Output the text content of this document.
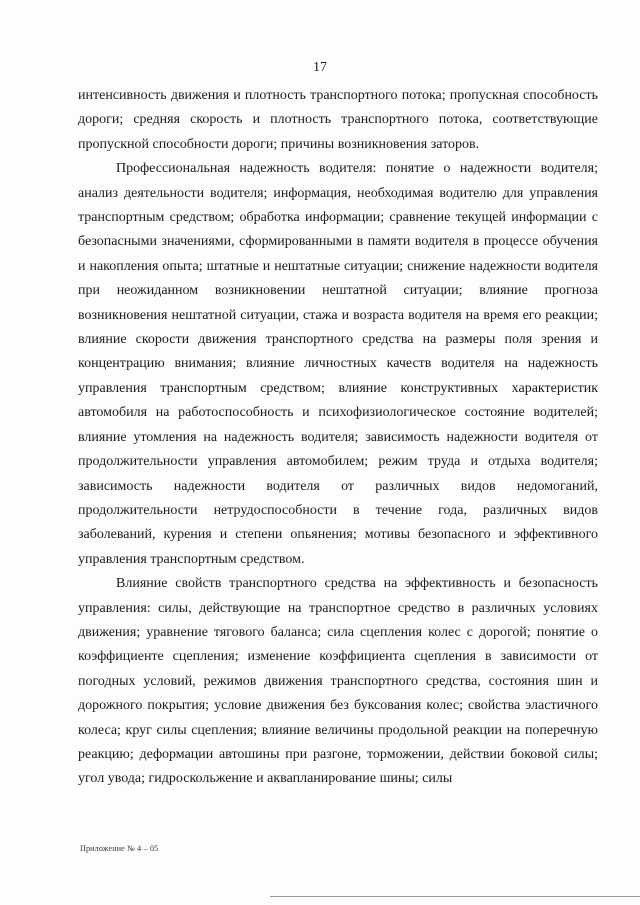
17

интенсивность движения и плотность транспортного потока; пропускная способность дороги; средняя скорость и плотность транспортного потока, соответствующие пропускной способности дороги; причины возникновения заторов.

Профессиональная надежность водителя: понятие о надежности водителя; анализ деятельности водителя; информация, необходимая водителю для управления транспортным средством; обработка информации; сравнение текущей информации с безопасными значениями, сформированными в памяти водителя в процессе обучения и накопления опыта; штатные и нештатные ситуации; снижение надежности водителя при неожиданном возникновении нештатной ситуации; влияние прогноза возникновения нештатной ситуации, стажа и возраста водителя на время его реакции; влияние скорости движения транспортного средства на размеры поля зрения и концентрацию внимания; влияние личностных качеств водителя на надежность управления транспортным средством; влияние конструктивных характеристик автомобиля на работоспособность и психофизиологическое состояние водителей; влияние утомления на надежность водителя; зависимость надежности водителя от продолжительности управления автомобилем; режим труда и отдыха водителя; зависимость надежности водителя от различных видов недомоганий, продолжительности нетрудоспособности в течение года, различных видов заболеваний, курения и степени опьянения; мотивы безопасного и эффективного управления транспортным средством.

Влияние свойств транспортного средства на эффективность и безопасность управления: силы, действующие на транспортное средство в различных условиях движения; уравнение тягового баланса; сила сцепления колес с дорогой; понятие о коэффициенте сцепления; изменение коэффициента сцепления в зависимости от погодных условий, режимов движения транспортного средства, состояния шин и дорожного покрытия; условие движения без буксования колес; свойства эластичного колеса; круг силы сцепления; влияние величины продольной реакции на поперечную реакцию; деформации автошины при разгоне, торможении, действии боковой силы; угол увода; гидроскольжение и аквапланирование шины; силы

Приложение № 4 – 05
